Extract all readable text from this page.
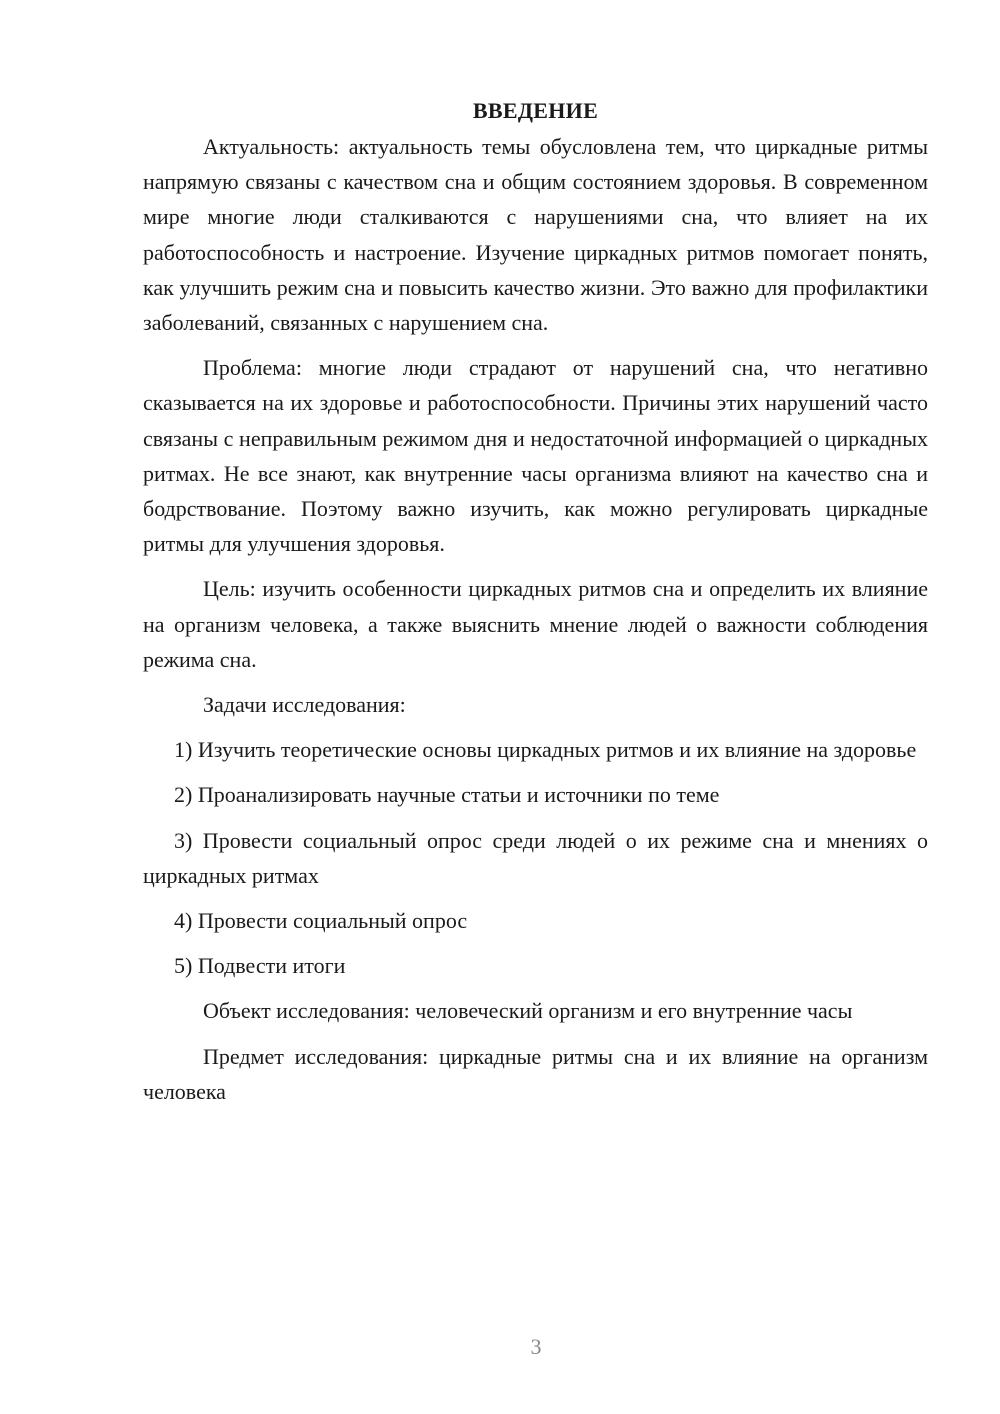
ВВЕДЕНИЕ

Актуальность: актуальность темы обусловлена тем, что циркадные ритмы напрямую связаны с качеством сна и общим состоянием здоровья. В современном мире многие люди сталкиваются с нарушениями сна, что влияет на их работоспособность и настроение. Изучение циркадных ритмов помогает понять, как улучшить режим сна и повысить качество жизни. Это важно для профилактики заболеваний, связанных с нарушением сна.

Проблема: многие люди страдают от нарушений сна, что негативно сказывается на их здоровье и работоспособности. Причины этих нарушений часто связаны с неправильным режимом дня и недостаточной информацией о циркадных ритмах. Не все знают, как внутренние часы организма влияют на качество сна и бодрствование. Поэтому важно изучить, как можно регулировать циркадные ритмы для улучшения здоровья.

Цель: изучить особенности циркадных ритмов сна и определить их влияние на организм человека, а также выяснить мнение людей о важности соблюдения режима сна.

Задачи исследования:

1) Изучить теоретические основы циркадных ритмов и их влияние на здоровье

2) Проанализировать научные статьи и источники по теме

3) Провести социальный опрос среди людей о их режиме сна и мнениях о циркадных ритмах

4) Провести социальный опрос

5) Подвести итоги

Объект исследования: человеческий организм и его внутренние часы

Предмет исследования: циркадные ритмы сна и их влияние на организм человека

3
